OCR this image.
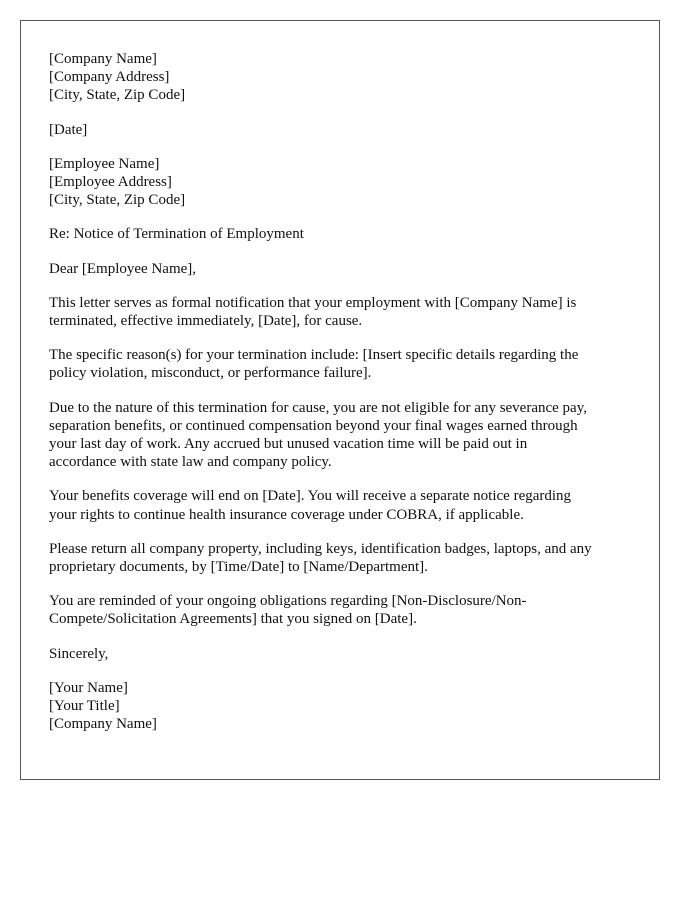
[Company Name]
[Company Address]
[City, State, Zip Code]
[Date]
[Employee Name]
[Employee Address]
[City, State, Zip Code]
Re: Notice of Termination of Employment
Dear [Employee Name],
This letter serves as formal notification that your employment with [Company Name] is
terminated, effective immediately, [Date], for cause.
The specific reason(s) for your termination include: [Insert specific details regarding the
policy violation, misconduct, or performance failure].
Due to the nature of this termination for cause, you are not eligible for any severance pay,
separation benefits, or continued compensation beyond your final wages earned through
your last day of work. Any accrued but unused vacation time will be paid out in
accordance with state law and company policy.
Your benefits coverage will end on [Date]. You will receive a separate notice regarding
your rights to continue health insurance coverage under COBRA, if applicable.
Please return all company property, including keys, identification badges, laptops, and any
proprietary documents, by [Time/Date] to [Name/Department].
You are reminded of your ongoing obligations regarding [Non-Disclosure/Non-
Compete/Solicitation Agreements] that you signed on [Date].
Sincerely,
[Your Name]
[Your Title]
[Company Name]
